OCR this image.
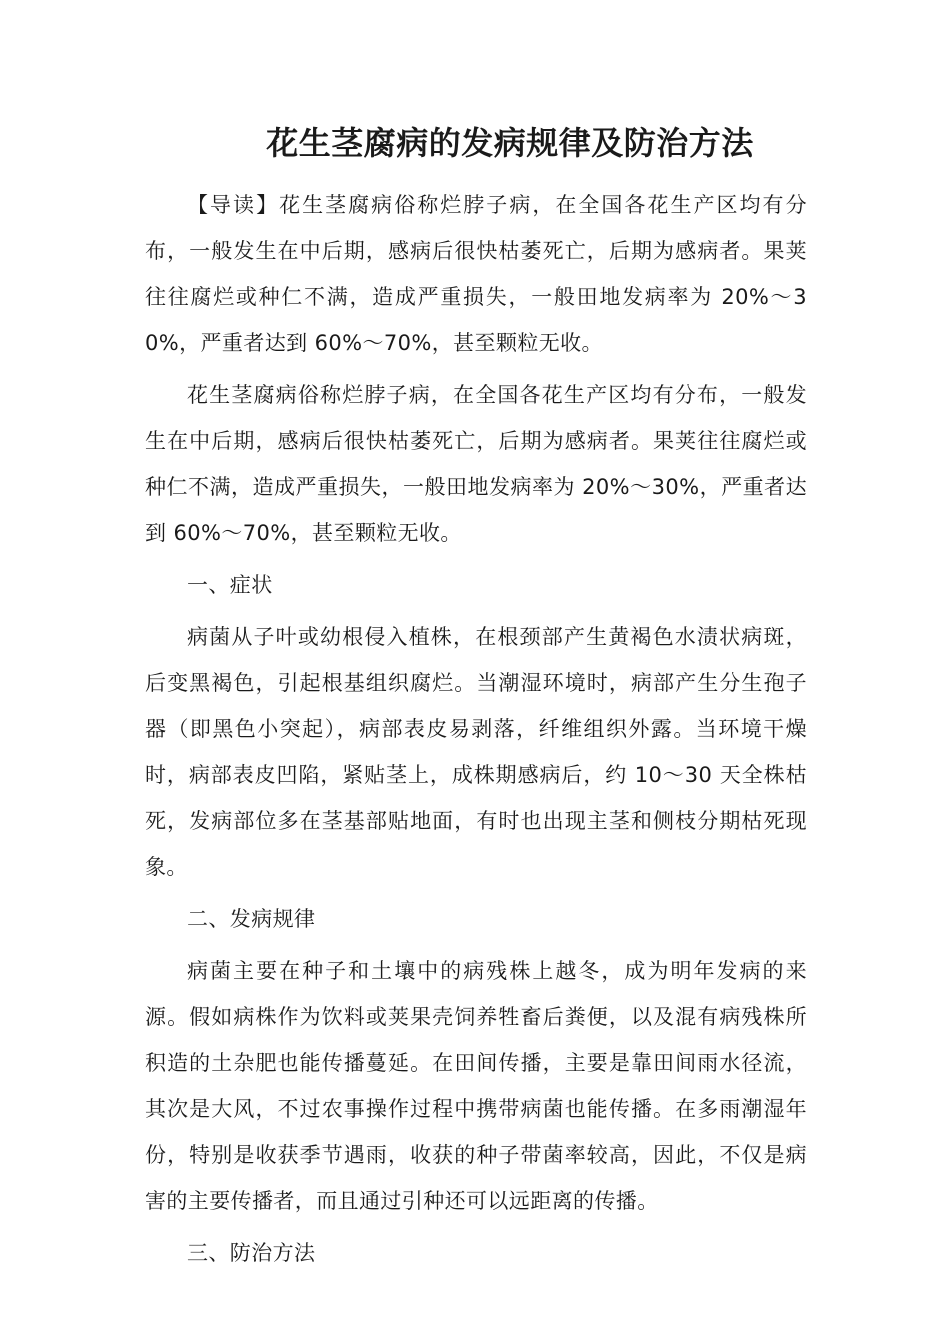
花生茎腐病的发病规律及防治方法

【导读】花生茎腐病俗称烂脖子病，在全国各花生产区均有分布，一般发生在中后期，感病后很快枯萎死亡，后期为感病者。果荚往往腐烂或种仁不满，造成严重损失，一般田地发病率为 20%～30%，严重者达到 60%～70%，甚至颗粒无收。

花生茎腐病俗称烂脖子病，在全国各花生产区均有分布，一般发生在中后期，感病后很快枯萎死亡，后期为感病者。果荚往往腐烂或种仁不满，造成严重损失，一般田地发病率为 20%～30%，严重者达到 60%～70%，甚至颗粒无收。

一、症状

病菌从子叶或幼根侵入植株，在根颈部产生黄褐色水渍状病斑，后变黑褐色，引起根基组织腐烂。当潮湿环境时，病部产生分生孢子器（即黑色小突起），病部表皮易剥落，纤维组织外露。当环境干燥时，病部表皮凹陷，紧贴茎上，成株期感病后，约 10～30 天全株枯死，发病部位多在茎基部贴地面，有时也出现主茎和侧枝分期枯死现象。

二、发病规律

病菌主要在种子和土壤中的病残株上越冬，成为明年发病的来源。假如病株作为饮料或荚果壳饲养牲畜后粪便，以及混有病残株所积造的土杂肥也能传播蔓延。在田间传播，主要是靠田间雨水径流，其次是大风，不过农事操作过程中携带病菌也能传播。在多雨潮湿年份，特别是收获季节遇雨，收获的种子带菌率较高，因此，不仅是病害的主要传播者，而且通过引种还可以远距离的传播。

三、防治方法
